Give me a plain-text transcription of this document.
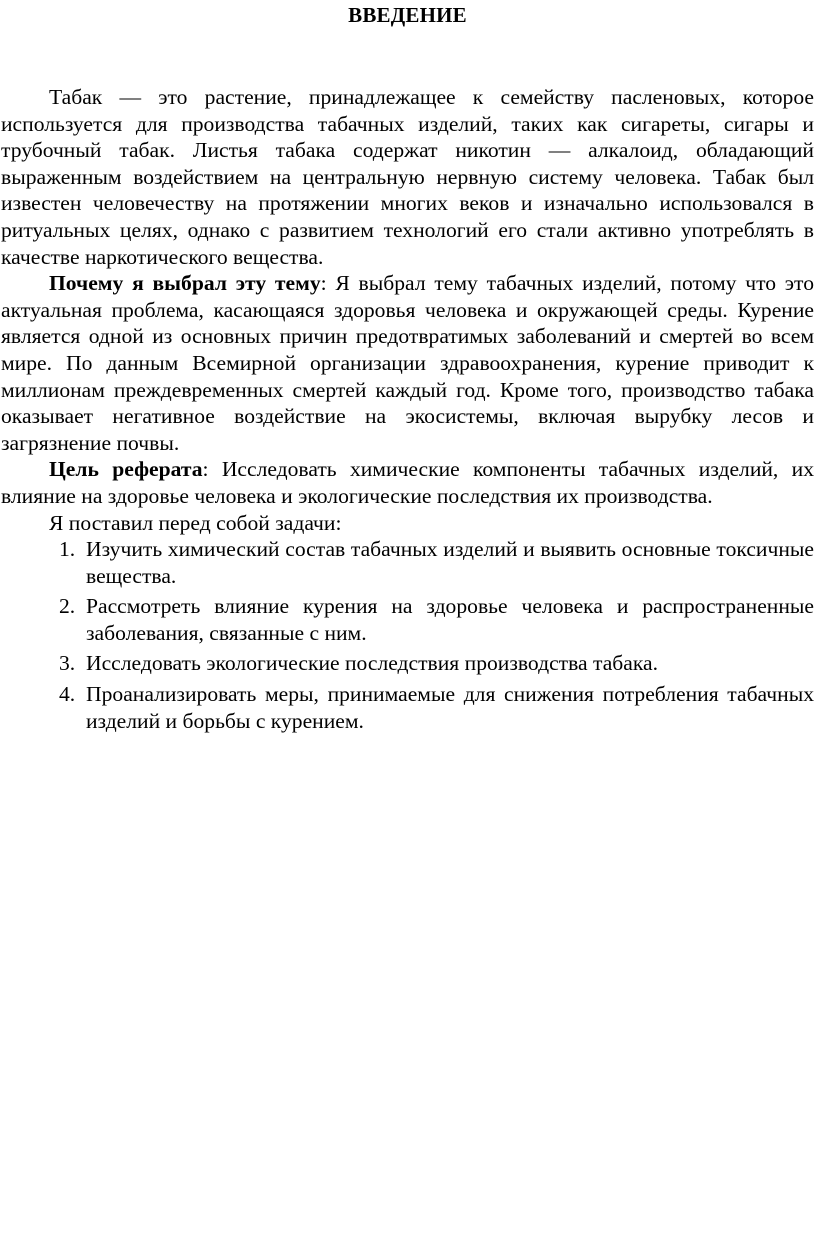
ВВЕДЕНИЕ

Табак — это растение, принадлежащее к семейству пасленовых, которое используется для производства табачных изделий, таких как сигареты, сигары и трубочный табак. Листья табака содержат никотин — алкалоид, обладающий выраженным воздействием на центральную нервную систему человека. Табак был известен человечеству на протяжении многих веков и изначально использовался в ритуальных целях, однако с развитием технологий его стали активно употреблять в качестве наркотического вещества.

Почему я выбрал эту тему: Я выбрал тему табачных изделий, потому что это актуальная проблема, касающаяся здоровья человека и окружающей среды. Курение является одной из основных причин предотвратимых заболеваний и смертей во всем мире. По данным Всемирной организации здравоохранения, курение приводит к миллионам преждевременных смертей каждый год. Кроме того, производство табака оказывает негативное воздействие на экосистемы, включая вырубку лесов и загрязнение почвы.

Цель реферата: Исследовать химические компоненты табачных изделий, их влияние на здоровье человека и экологические последствия их производства.

Я поставил перед собой задачи:

1. Изучить химический состав табачных изделий и выявить основные токсичные вещества.
2. Рассмотреть влияние курения на здоровье человека и распространенные заболевания, связанные с ним.
3. Исследовать экологические последствия производства табака.
4. Проанализировать меры, принимаемые для снижения потребления табачных изделий и борьбы с курением.
